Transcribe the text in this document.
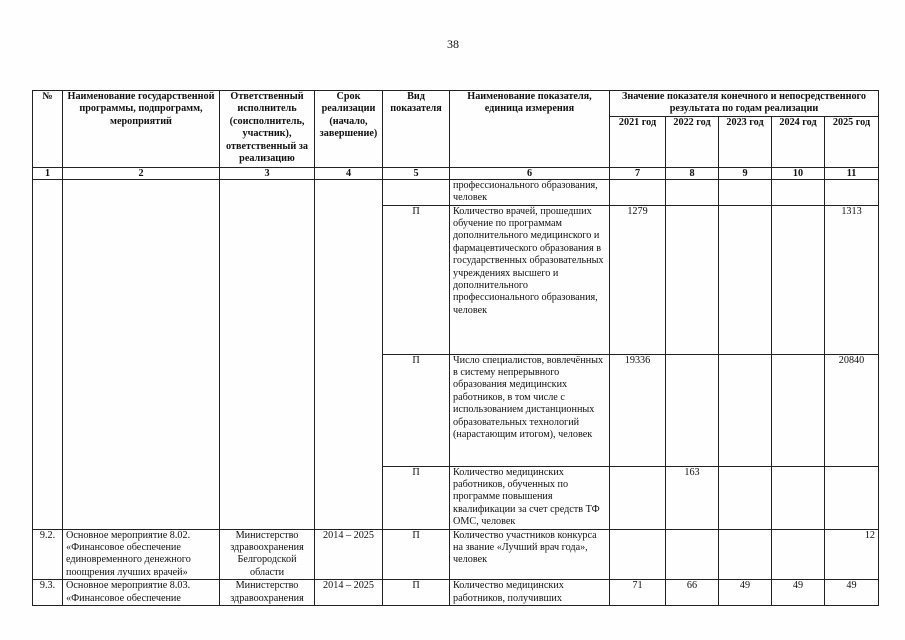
38
№	Наименование государственной программы, подпрограмм, мероприятий	Ответственный исполнитель (соисполнитель, участник), ответственный за реализацию	Срок реализации (начало, завершение)	Вид показателя	Наименование показателя, единица измерения	Значение показателя конечного и непосредственного результата по годам реализации				
						2021 год	2022 год	2023 год	2024 год	2025 год
1	2	3	4	5	6	7	8	9	10	11
					профессионального образования, человек					
				П	Количество врачей, прошедших обучение по программам дополнительного медицинского и фармацевтического образования в государственных образовательных учреждениях высшего и дополнительного профессионального образования, человек	1279				1313
				П	Число специалистов, вовлечённых в систему непрерывного образования медицинских работников, в том числе с использованием дистанционных образовательных технологий (нарастающим итогом), человек	19336				20840
				П	Количество медицинских работников, обученных по программе повышения квалификации за счет средств ТФ ОМС, человек		163			
9.2.	Основное мероприятие 8.02. «Финансовое обеспечение единовременного денежного поощрения лучших врачей»	Министерство здравоохранения Белгородской области	2014 – 2025	П	Количество участников конкурса на звание «Лучший врач года», человек					12
9.3.	Основное мероприятие 8.03. «Финансовое обеспечение	Министерство здравоохранения	2014 – 2025	П	Количество медицинских работников, получивших	71	66	49	49	49
